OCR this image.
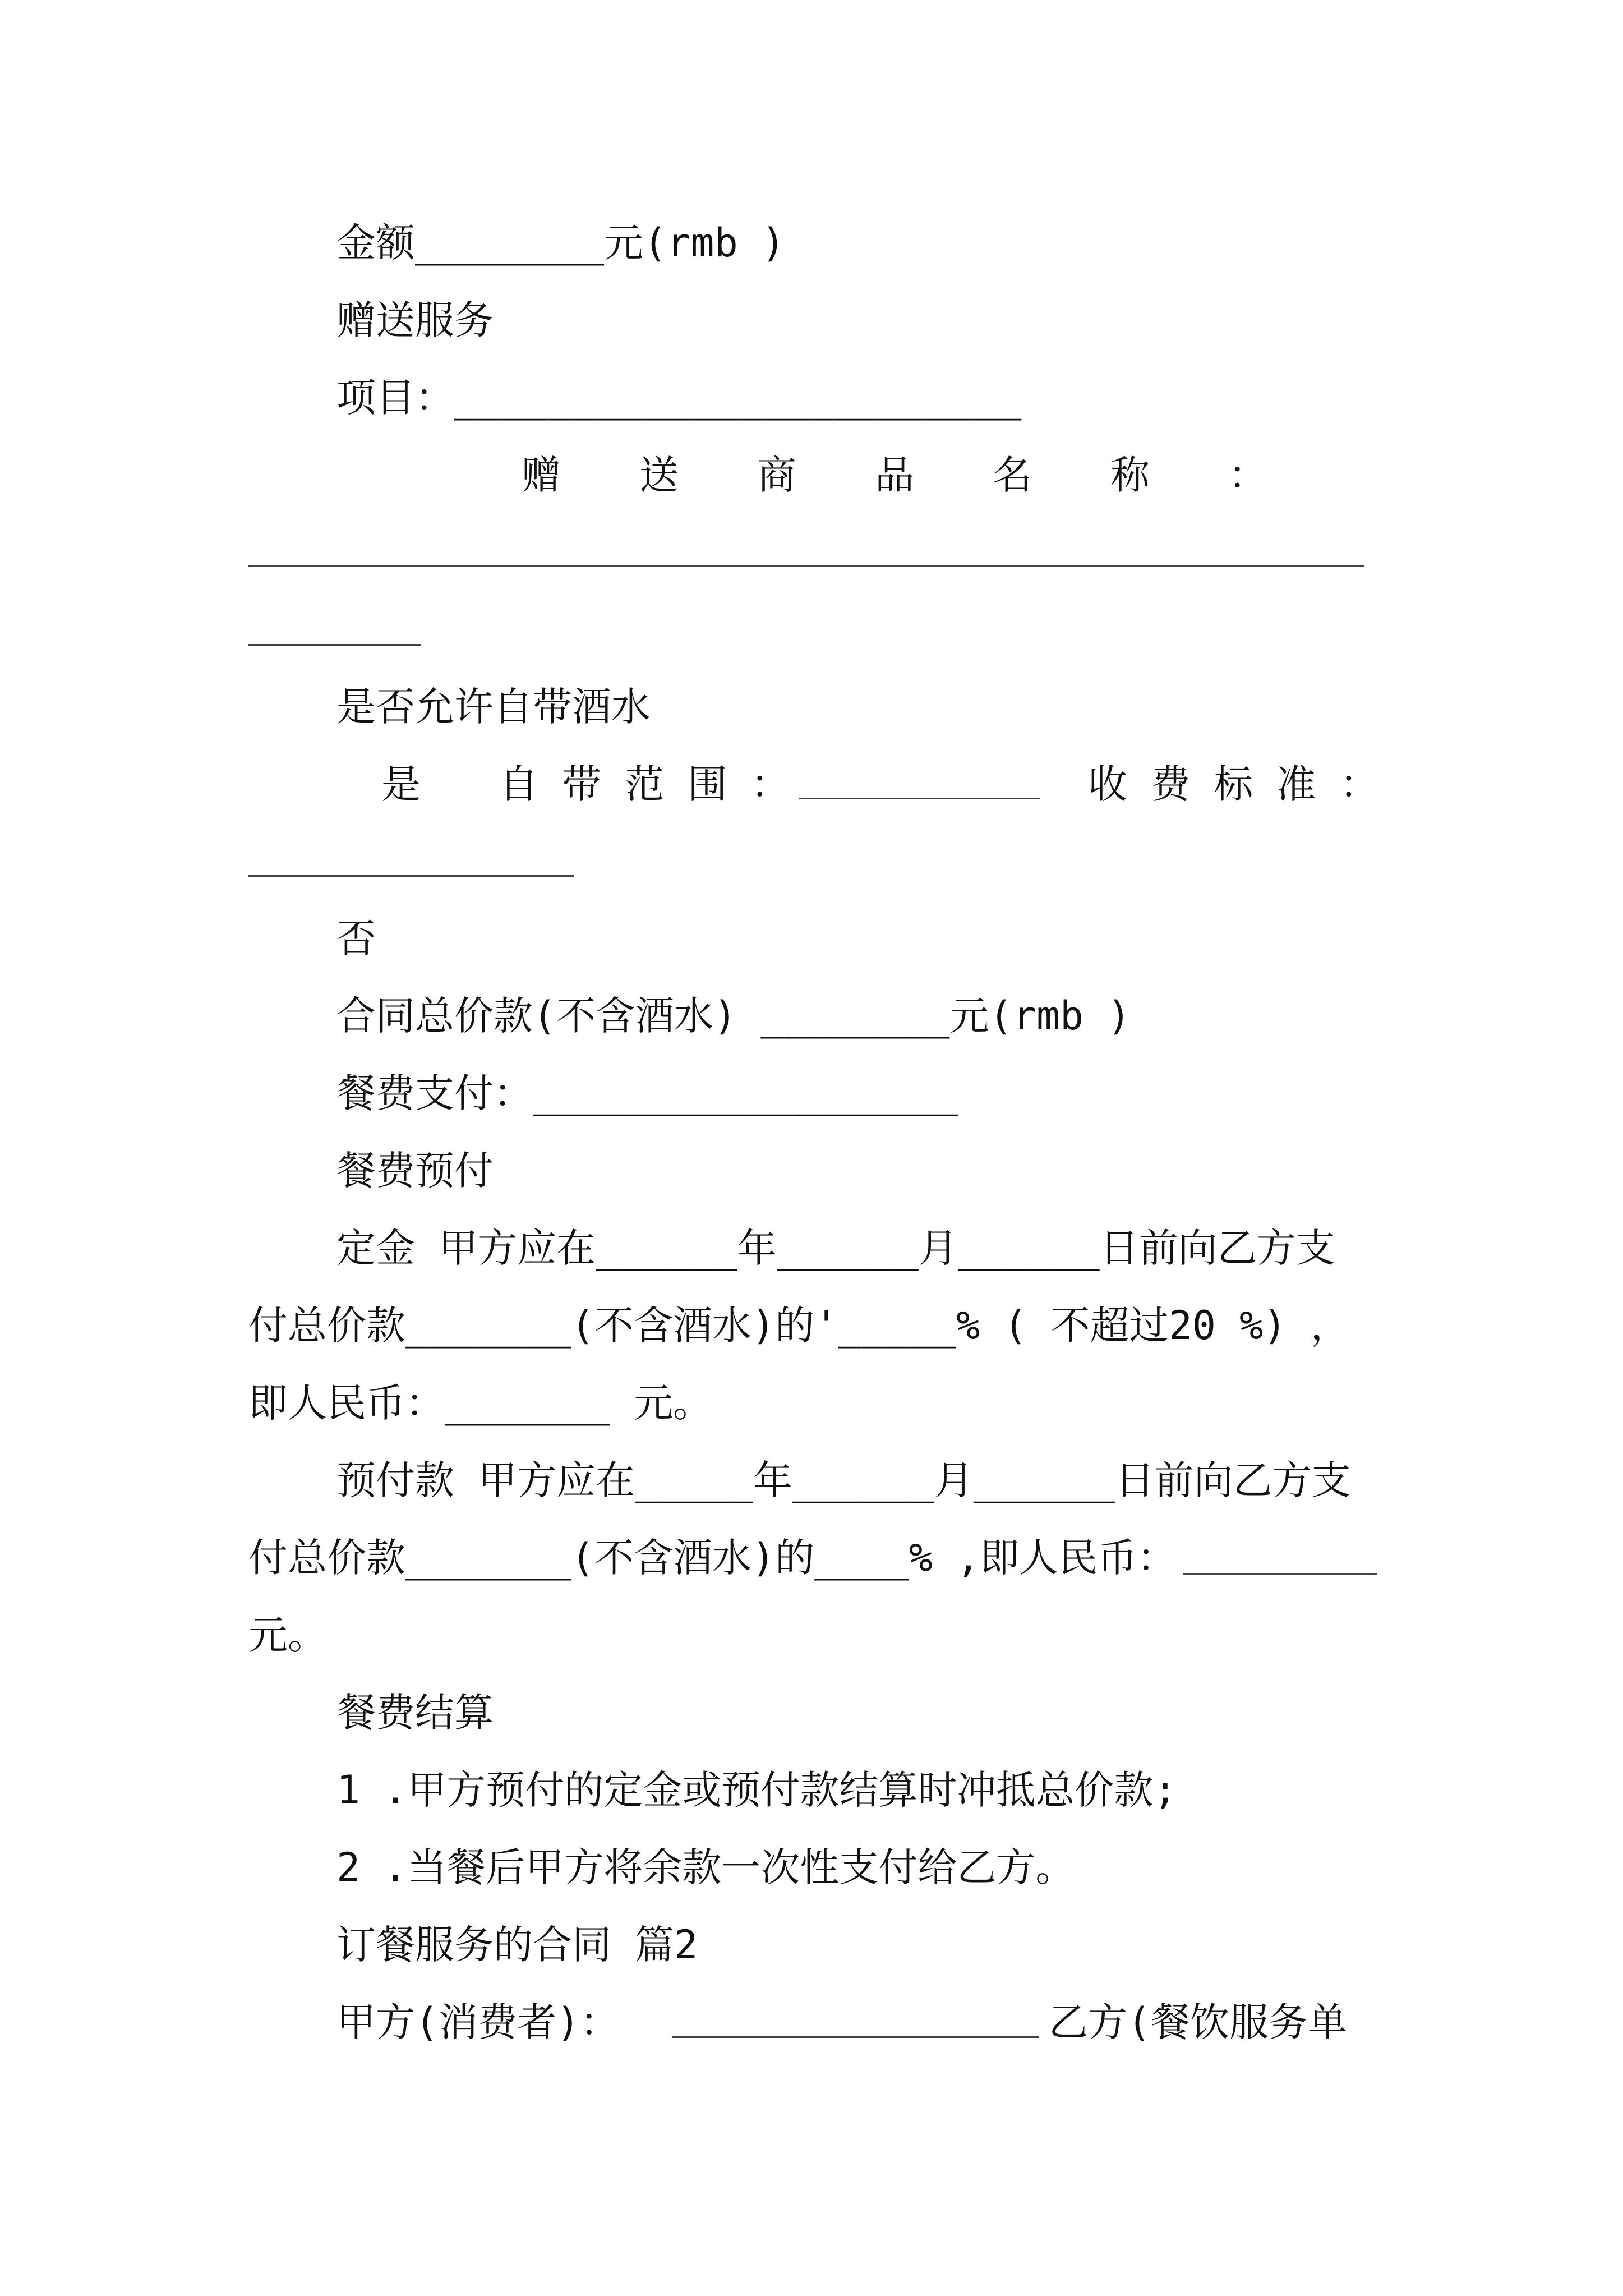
金额________元(rmb )
赠送服务
项目：________________________
赠　　送　　商　　品　　名　　称　　：
是否允许自带酒水
是　　自 带 范 围 ：	收 费 标 准 ：
否
合同总价款(不含酒水) ________元(rmb )
餐费支付：__________________
餐费预付
定金 甲方应在______年______月______日前向乙方支
付总价款_______(不含酒水)的'_____% ( 不超过20 %) ，
即人民币：_______ 元。
预付款 甲方应在_____年______月______日前向乙方支
付总价款_______(不含酒水)的____% ,即人民币：
元。
餐费结算
1 .甲方预付的定金或预付款结算时冲抵总价款;
2 .当餐后甲方将余款一次性支付给乙方。
订餐服务的合同 篇2
甲方(消费者)：	乙方(餐饮服务单
